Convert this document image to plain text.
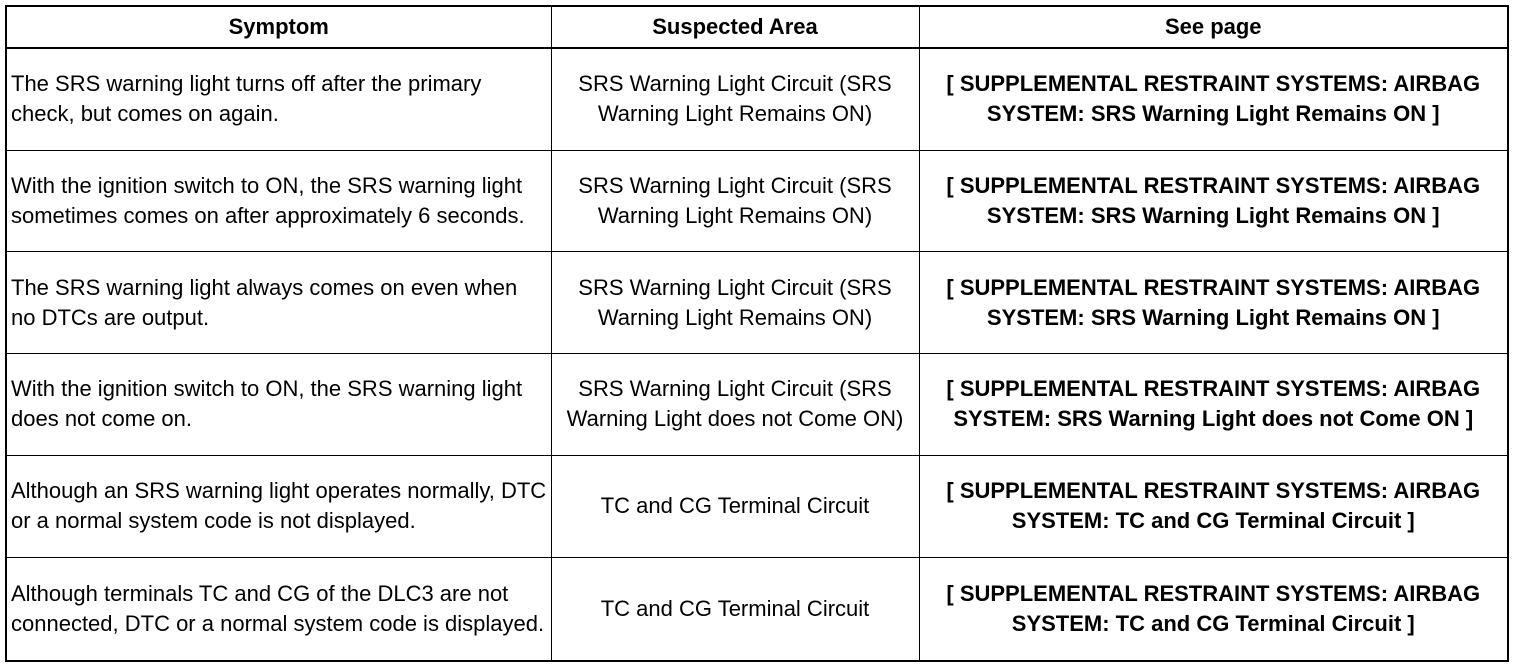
Symptom	Suspected Area	See page
The SRS warning light turns off after the primary check, but comes on again.	SRS Warning Light Circuit (SRS Warning Light Remains ON)	[ SUPPLEMENTAL RESTRAINT SYSTEMS: AIRBAG SYSTEM: SRS Warning Light Remains ON ]
With the ignition switch to ON, the SRS warning light sometimes comes on after approximately 6 seconds.	SRS Warning Light Circuit (SRS Warning Light Remains ON)	[ SUPPLEMENTAL RESTRAINT SYSTEMS: AIRBAG SYSTEM: SRS Warning Light Remains ON ]
The SRS warning light always comes on even when no DTCs are output.	SRS Warning Light Circuit (SRS Warning Light Remains ON)	[ SUPPLEMENTAL RESTRAINT SYSTEMS: AIRBAG SYSTEM: SRS Warning Light Remains ON ]
With the ignition switch to ON, the SRS warning light does not come on.	SRS Warning Light Circuit (SRS Warning Light does not Come ON)	[ SUPPLEMENTAL RESTRAINT SYSTEMS: AIRBAG SYSTEM: SRS Warning Light does not Come ON ]
Although an SRS warning light operates normally, DTC or a normal system code is not displayed.	TC and CG Terminal Circuit	[ SUPPLEMENTAL RESTRAINT SYSTEMS: AIRBAG SYSTEM: TC and CG Terminal Circuit ]
Although terminals TC and CG of the DLC3 are not connected, DTC or a normal system code is displayed.	TC and CG Terminal Circuit	[ SUPPLEMENTAL RESTRAINT SYSTEMS: AIRBAG SYSTEM: TC and CG Terminal Circuit ]
